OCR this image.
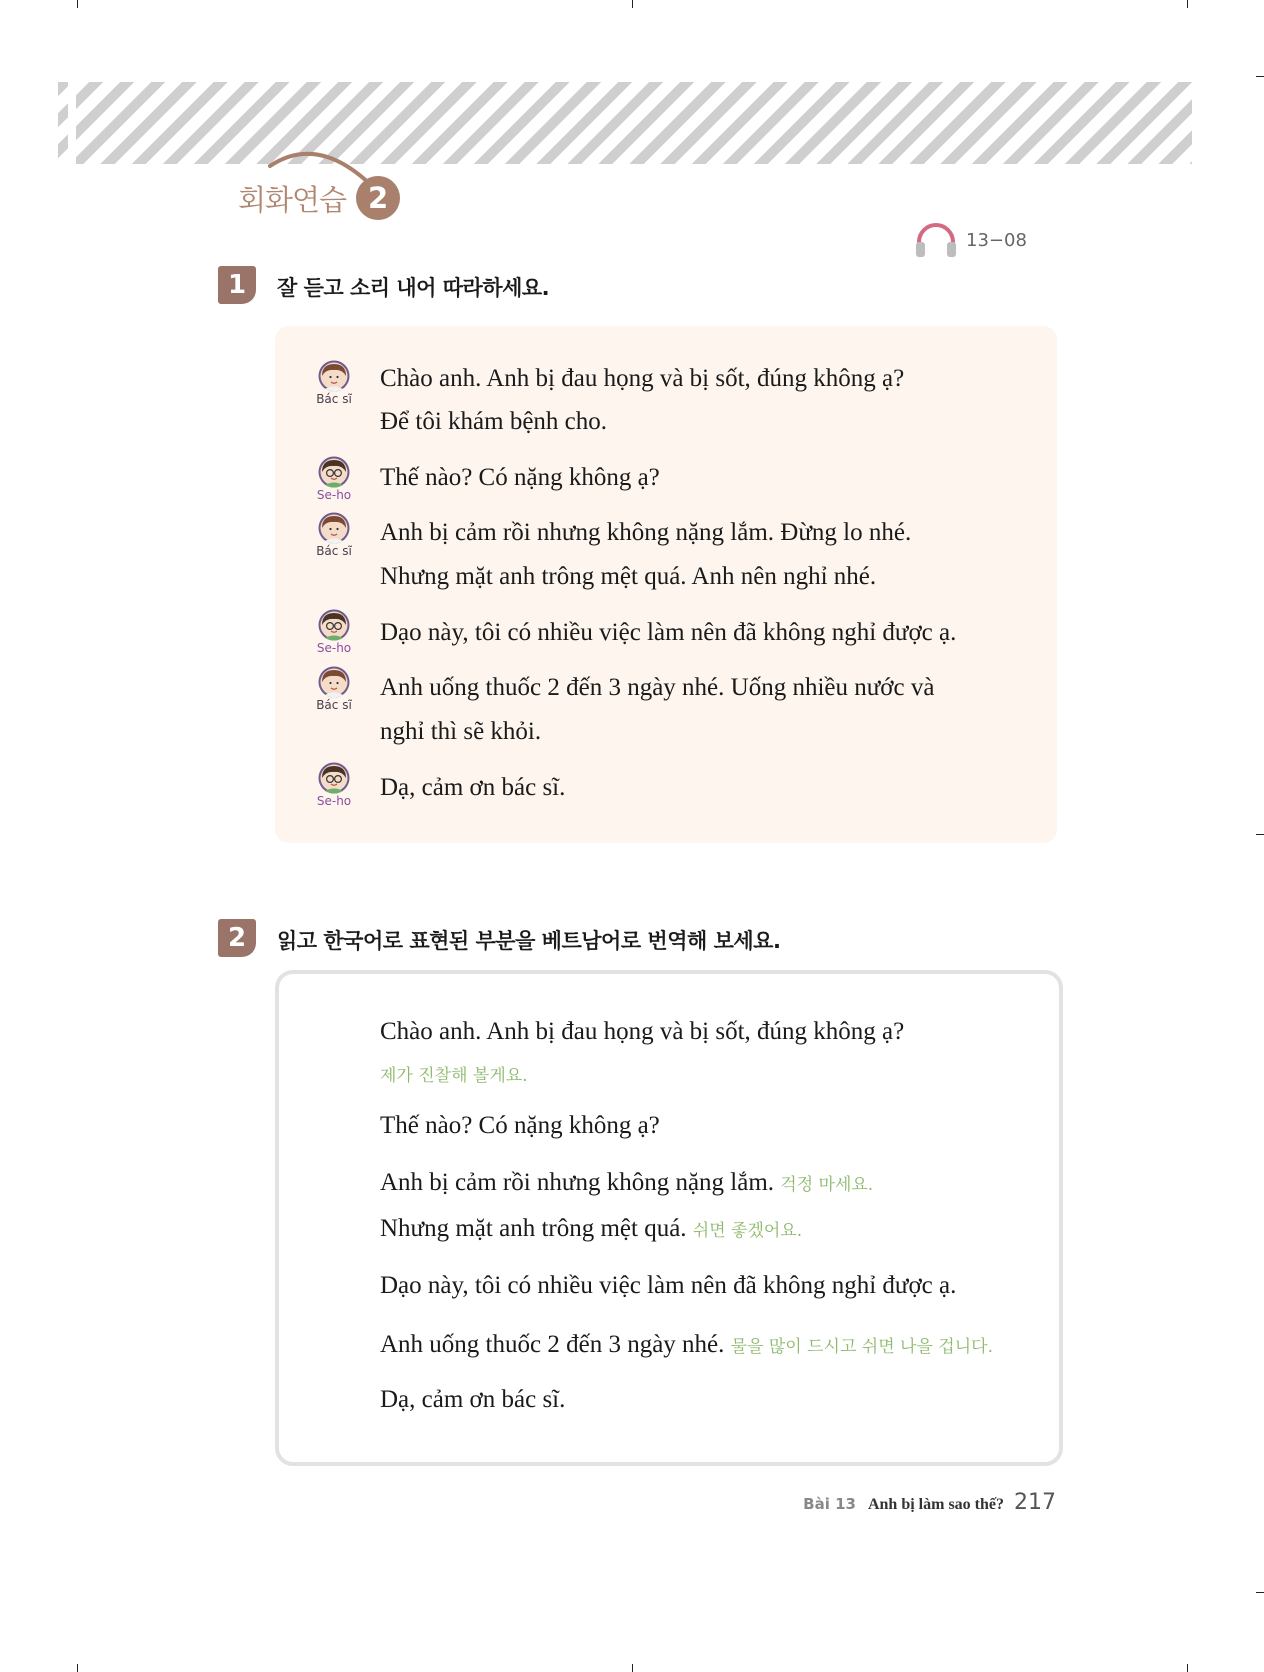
회화연습 2
13−08
1	잘 듣고 소리 내어 따라하세요.
Bác sĩ
Se-ho
Bác sĩ
Se-ho
Bác sĩ
Se-ho
Chào anh. Anh bị đau họng và bị sốt, đúng không ạ?
Để tôi khám bệnh cho.
Thế nào? Có nặng không ạ?
Anh bị cảm rồi nhưng không nặng lắm. Đừng lo nhé.
Nhưng mặt anh trông mệt quá. Anh nên nghỉ nhé.
Dạo này, tôi có nhiều việc làm nên đã không nghỉ được ạ.
Anh uống thuốc 2 đến 3 ngày nhé. Uống nhiều nước và
nghỉ thì sẽ khỏi.
Dạ, cảm ơn bác sĩ.
2	읽고 한국어로 표현된 부분을 베트남어로 번역해 보세요.
Chào anh. Anh bị đau họng và bị sốt, đúng không ạ?
제가 진찰해 볼게요.
Thế nào? Có nặng không ạ?
Anh bị cảm rồi nhưng không nặng lắm. 걱정 마세요.
Nhưng mặt anh trông mệt quá. 쉬면 좋겠어요.
Dạo này, tôi có nhiều việc làm nên đã không nghỉ được ạ.
Anh uống thuốc 2 đến 3 ngày nhé. 물을 많이 드시고 쉬면 나을 겁니다.
Dạ, cảm ơn bác sĩ.
Bài 13 Anh bị làm sao thế? 217
